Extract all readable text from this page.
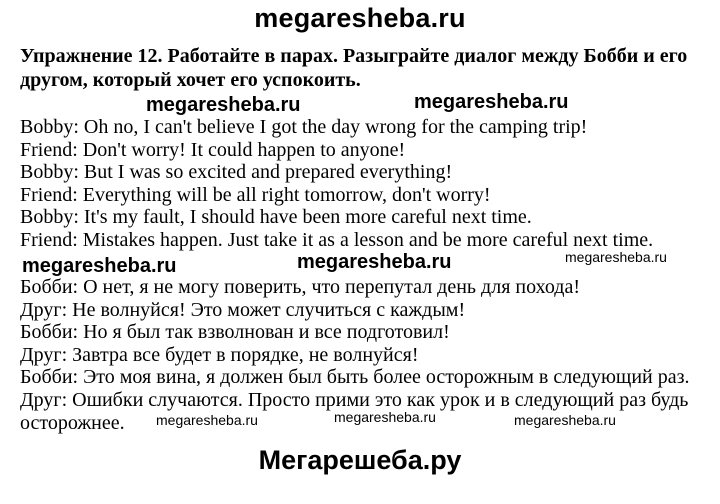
megaresheba.ru
Упражнение 12. Работайте в парах. Разыграйте диалог между Бобби и его другом, который хочет его успокоить.
Bobby: Oh no, I can't believe I got the day wrong for the camping trip!
Friend: Don't worry! It could happen to anyone!
Bobby: But I was so excited and prepared everything!
Friend: Everything will be all right tomorrow, don't worry!
Bobby: It's my fault, I should have been more careful next time.
Friend: Mistakes happen. Just take it as a lesson and be more careful next time.
Бобби: О нет, я не могу поверить, что перепутал день для похода!
Друг: Не волнуйся! Это может случиться с каждым!
Бобби: Но я был так взволнован и все подготовил!
Друг: Завтра все будет в порядке, не волнуйся!
Бобби: Это моя вина, я должен был быть более осторожным в следующий раз.
Друг: Ошибки случаются. Просто прими это как урок и в следующий раз будь
осторожнее.
megaresheba.ru	megaresheba.ru
megaresheba.ru	megaresheba.ru	megaresheba.ru
megaresheba.ru	megaresheba.ru	megaresheba.ru
Мегарешеба.ру
